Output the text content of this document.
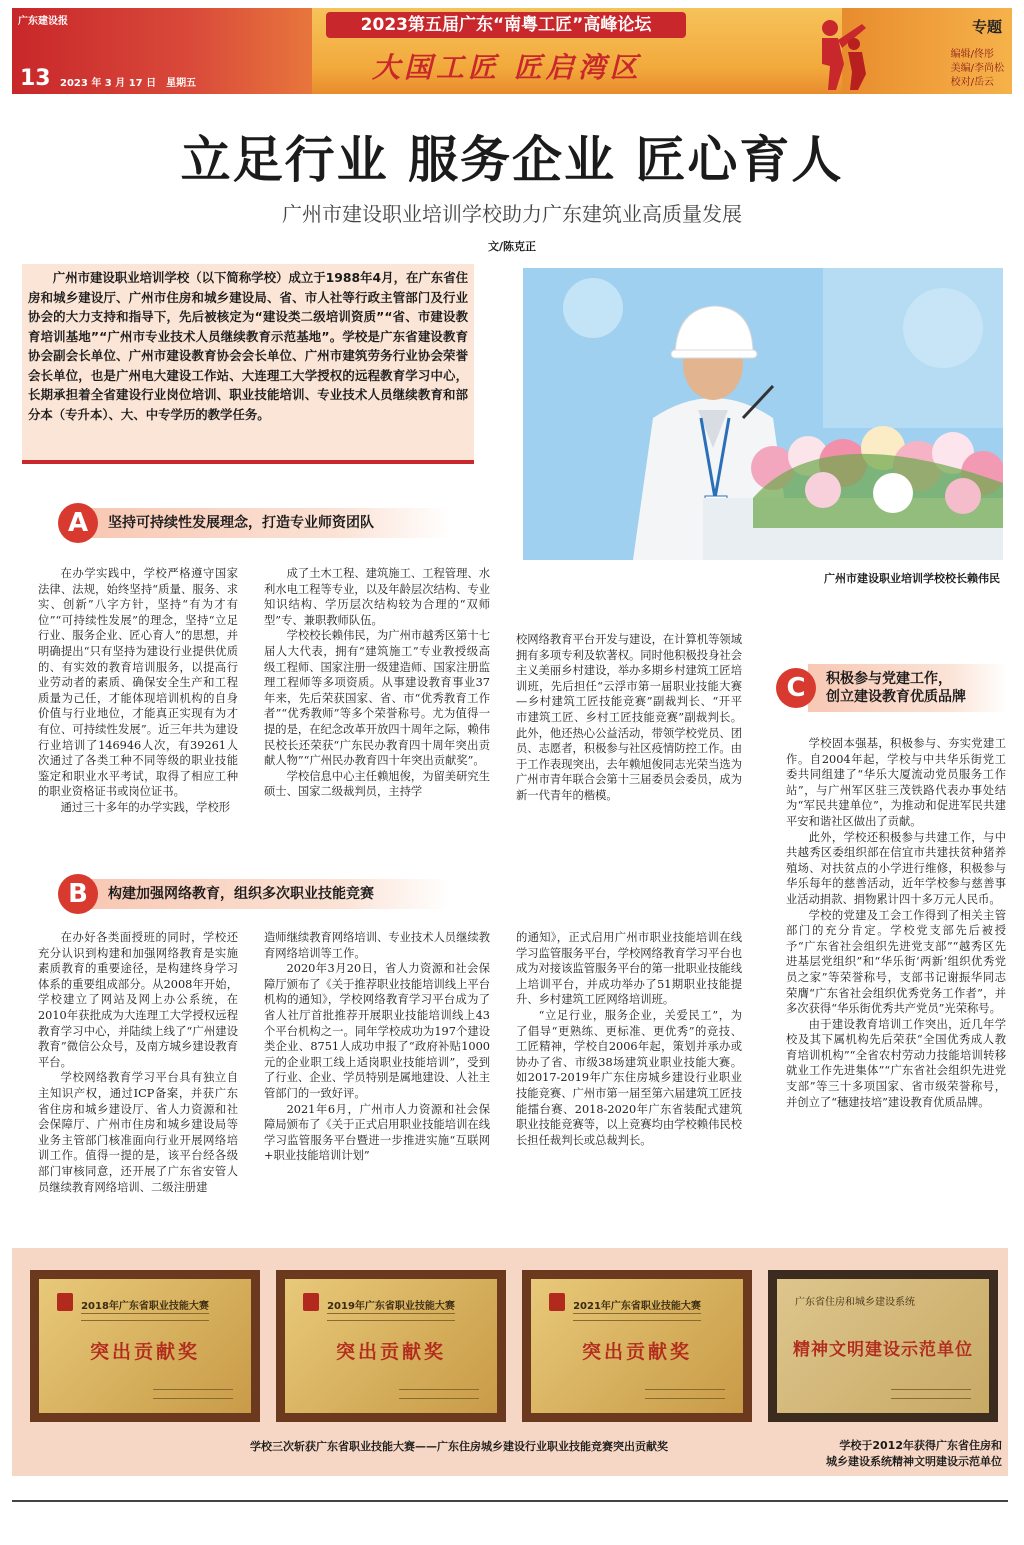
广东建设报
13 2023 年 3 月 17 日　星期五
2023第五届广东“南粤工匠”高峰论坛
大国工匠 匠启湾区
专题
编辑/佟彤
美编/李尚松
校对/岳云
立足行业 服务企业 匠心育人
广州市建设职业培训学校助力广东建筑业高质量发展
文/陈克正

广州市建设职业培训学校（以下简称学校）成立于1988年4月，在广东省住房和城乡建设厅、广州市住房和城乡建设局、省、市人社等行政主管部门及行业协会的大力支持和指导下，先后被核定为“建设类二级培训资质”“省、市建设教育培训基地”“广州市专业技术人员继续教育示范基地”。学校是广东省建设教育协会副会长单位、广州市建设教育协会会长单位、广州市建筑劳务行业协会荣誉会长单位，也是广州电大建设工作站、大连理工大学授权的远程教育学习中心，长期承担着全省建设行业岗位培训、职业技能培训、专业技术人员继续教育和部分本（专升本）、大、中专学历的教学任务。

广州市建设职业培训学校校长赖伟民
A	坚持可持续性发展理念，打造专业师资团队

在办学实践中，学校严格遵守国家法律、法规，始终坚持“质量、服务、求实、创新”八字方针，坚持“有为才有位”“可持续性发展”的理念，坚持“立足行业、服务企业、匠心育人”的思想，并明确提出“只有坚持为建设行业提供优质的、有实效的教育培训服务，以提高行业劳动者的素质、确保安全生产和工程质量为己任，才能体现培训机构的自身价值与行业地位，才能真正实现有为才有位、可持续性发展”。近三年共为建设行业培训了146946人次，有39261人次通过了各类工种不同等级的职业技能鉴定和职业水平考试，取得了相应工种的职业资格证书或岗位证书。

通过三十多年的办学实践，学校形

成了土木工程、建筑施工、工程管理、水利水电工程等专业，以及年龄层次结构、专业知识结构、学历层次结构较为合理的“双师型”专、兼职教师队伍。

学校校长赖伟民，为广州市越秀区第十七届人大代表，拥有“建筑施工”专业教授级高级工程师、国家注册一级建造师、国家注册监理工程师等多项资质。从事建设教育事业37年来，先后荣获国家、省、市“优秀教育工作者”“优秀教师”等多个荣誉称号。尤为值得一提的是，在纪念改革开放四十周年之际，赖伟民校长还荣获“广东民办教育四十周年突出贡献人物”“广州民办教育四十年突出贡献奖”。

学校信息中心主任赖旭俊，为留美研究生硕士、国家二级裁判员，主持学

校网络教育平台开发与建设，在计算机等领域拥有多项专利及软著权。同时他积极投身社会主义美丽乡村建设，举办多期乡村建筑工匠培训班，先后担任“云浮市第一届职业技能大赛—乡村建筑工匠技能竞赛”副裁判长、“开平市建筑工匠、乡村工匠技能竞赛”副裁判长。此外，他还热心公益活动，带领学校党员、团员、志愿者，积极参与社区疫情防控工作。由于工作表现突出，去年赖旭俊同志光荣当选为广州市青年联合会第十三届委员会委员，成为新一代青年的楷模。

B	构建加强网络教育，组织多次职业技能竞赛

在办好各类面授班的同时，学校还充分认识到构建和加强网络教育是实施素质教育的重要途径，是构建终身学习体系的重要组成部分。从2008年开始，学校建立了网站及网上办公系统，在2010年获批成为大连理工大学授权远程教育学习中心，并陆续上线了“广州建设教育”微信公众号，及南方城乡建设教育平台。

学校网络教育学习平台具有独立自主知识产权，通过ICP备案，并获广东省住房和城乡建设厅、省人力资源和社会保障厅、广州市住房和城乡建设局等业务主管部门核准面向行业开展网络培训工作。值得一提的是，该平台经各级部门审核同意，还开展了广东省安管人员继续教育网络培训、二级注册建

造师继续教育网络培训、专业技术人员继续教育网络培训等工作。

2020年3月20日，省人力资源和社会保障厅颁布了《关于推荐职业技能培训线上平台机构的通知》，学校网络教育学习平台成为了省人社厅首批推荐开展职业技能培训线上43个平台机构之一。同年学校成功为197个建设类企业、8751人成功申报了“政府补贴1000元的企业职工线上适岗职业技能培训”，受到了行业、企业、学员特别是属地建设、人社主管部门的一致好评。

2021年6月，广州市人力资源和社会保障局颁布了《关于正式启用职业技能培训在线学习监管服务平台暨进一步推进实施“互联网+职业技能培训计划”

的通知》，正式启用广州市职业技能培训在线学习监管服务平台，学校网络教育学习平台也成为对接该监管服务平台的第一批职业技能线上培训平台，并成功举办了51期职业技能提升、乡村建筑工匠网络培训班。

“立足行业，服务企业，关爱民工”，为了倡导“更熟练、更标准、更优秀”的竞技、工匠精神，学校自2006年起，策划并承办或协办了省、市级38场建筑业职业技能大赛。如2017-2019年广东住房城乡建设行业职业技能竞赛、广州市第一届至第六届建筑工匠技能擂台赛、2018-2020年广东省装配式建筑职业技能竞赛等，以上竞赛均由学校赖伟民校长担任裁判长或总裁判长。

C	积极参与党建工作，
创立建设教育优质品牌

学校固本强基，积极参与、夯实党建工作。自2004年起，学校与中共华乐街党工委共同组建了“华乐大厦流动党员服务工作站”，与广州军区驻三茂铁路代表办事处结为“军民共建单位”，为推动和促进军民共建平安和谐社区做出了贡献。

此外，学校还积极参与共建工作，与中共越秀区委组织部在信宜市共建扶贫种猪养殖场、对扶贫点的小学进行维修，积极参与华乐每年的慈善活动，近年学校参与慈善事业活动捐款、捐物累计四十多万元人民币。

学校的党建及工会工作得到了相关主管部门的充分肯定。学校党支部先后被授予“广东省社会组织先进党支部”“越秀区先进基层党组织”和“华乐街‘两新’组织优秀党员之家”等荣誉称号，支部书记谢振华同志荣膺“广东省社会组织优秀党务工作者”，并多次获得“华乐街优秀共产党员”光荣称号。

由于建设教育培训工作突出，近几年学校及其下属机构先后荣获“全国优秀成人教育培训机构”“全省农村劳动力技能培训转移就业工作先进集体”“广东省社会组织先进党支部”等三十多项国家、省市级荣誉称号，并创立了“穗建技培”建设教育优质品牌。

2018年广东省职业技能大赛
突出贡献奖
2019年广东省职业技能大赛
突出贡献奖
2021年广东省职业技能大赛
突出贡献奖
广东省住房和城乡建设系统
精神文明建设示范单位
学校三次斩获广东省职业技能大赛——广东住房城乡建设行业职业技能竞赛突出贡献奖	学校于2012年获得广东省住房和
城乡建设系统精神文明建设示范单位
